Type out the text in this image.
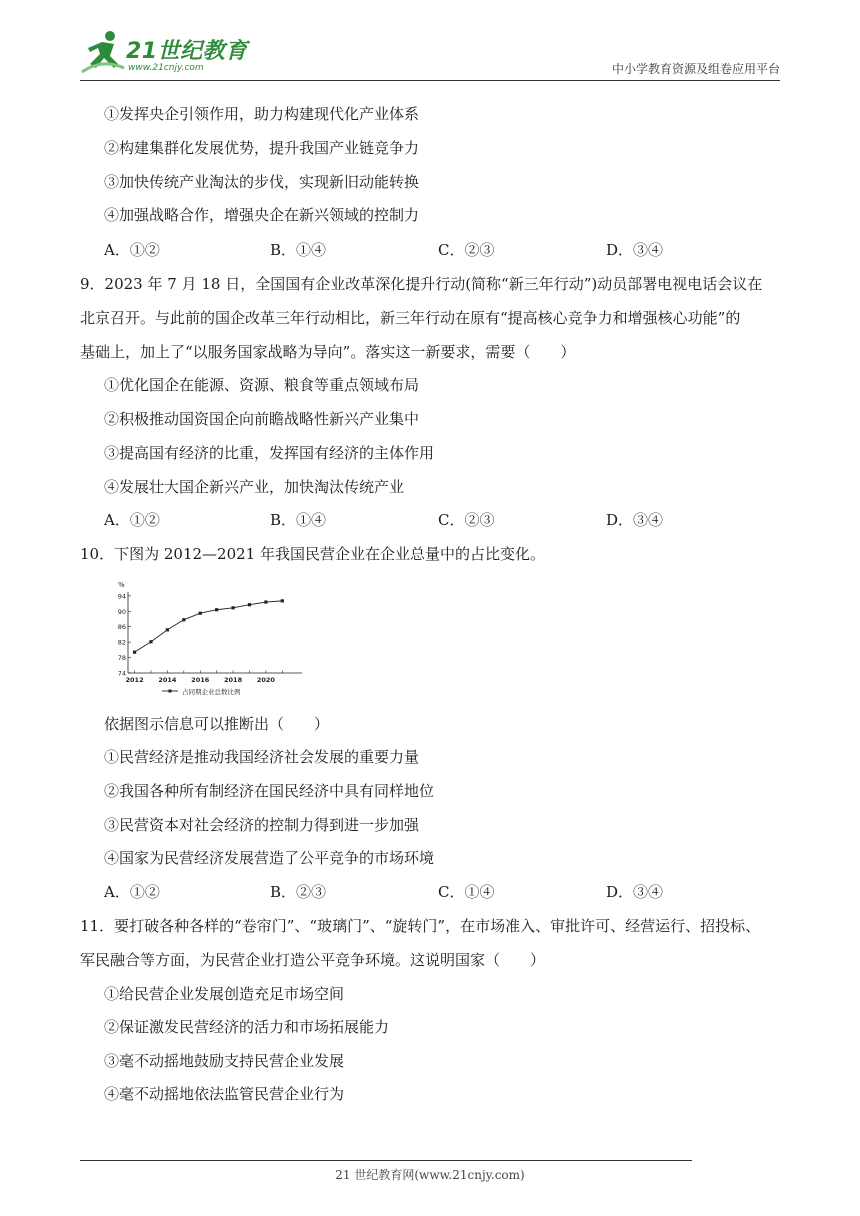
21世纪教育
www.21cnjy.com	中小学教育资源及组卷应用平台
①发挥央企引领作用，助力构建现代化产业体系
②构建集群化发展优势，提升我国产业链竞争力
③加快传统产业淘汰的步伐，实现新旧动能转换
④加强战略合作，增强央企在新兴领域的控制力
A．①②	B．①④	C．②③	D．③④
9．2023 年 7 月 18 日，全国国有企业改革深化提升行动(简称“新三年行动”)动员部署电视电话会议在
北京召开。与此前的国企改革三年行动相比，新三年行动在原有“提高核心竞争力和增强核心功能”的
基础上，加上了“以服务国家战略为导向”。落实这一新要求，需要（　　）
①优化国企在能源、资源、粮食等重点领域布局
②积极推动国资国企向前瞻战略性新兴产业集中
③提高国有经济的比重，发挥国有经济的主体作用
④发展壮大国企新兴产业，加快淘汰传统产业
A．①②	B．①④	C．②③	D．③④
10．下图为 2012—2021 年我国民营企业在企业总量中的占比变化。
%
74
78
82
86
90
94
2012 2014 2016 2018 2020
占同期企业总数比例
依据图示信息可以推断出（　　）
①民营经济是推动我国经济社会发展的重要力量
②我国各种所有制经济在国民经济中具有同样地位
③民营资本对社会经济的控制力得到进一步加强
④国家为民营经济发展营造了公平竞争的市场环境
A．①②	B．②③	C．①④	D．③④
11．要打破各种各样的“卷帘门”、“玻璃门”、“旋转门”，在市场准入、审批许可、经营运行、招投标、
军民融合等方面，为民营企业打造公平竞争环境。这说明国家（　　）
①给民营企业发展创造充足市场空间
②保证激发民营经济的活力和市场拓展能力
③毫不动摇地鼓励支持民营企业发展
④毫不动摇地依法监管民营企业行为
21 世纪教育网(www.21cnjy.com)
